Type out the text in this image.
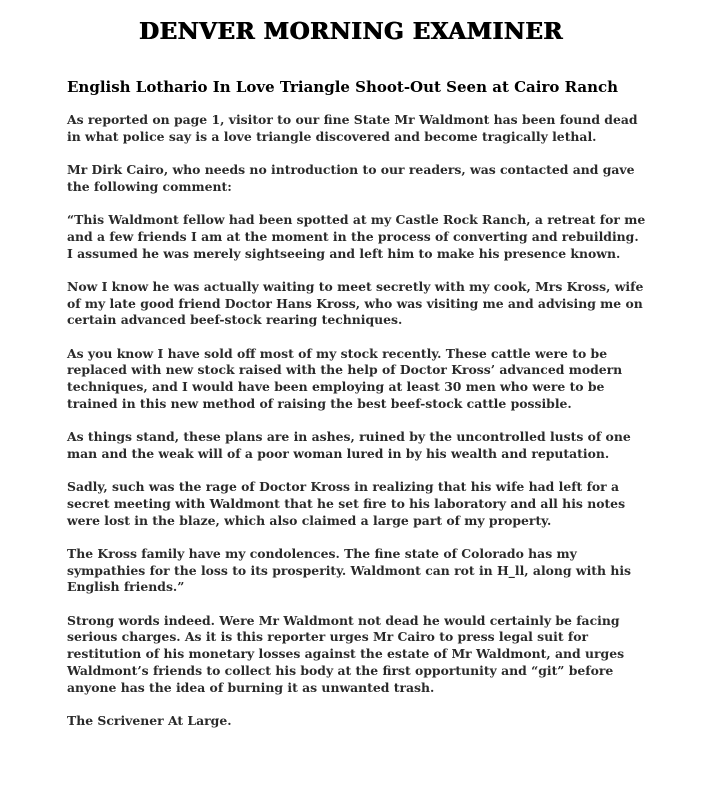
DENVER MORNING EXAMINER
English Lothario In Love Triangle Shoot-Out Seen at Cairo Ranch

As reported on page 1, visitor to our fine State Mr Waldmont has been found dead in what police say is a love triangle discovered and become tragically lethal.

Mr Dirk Cairo, who needs no introduction to our readers, was contacted and gave the following comment:

“This Waldmont fellow had been spotted at my Castle Rock Ranch, a retreat for me and a few friends I am at the moment in the process of converting and rebuilding. I assumed he was merely sightseeing and left him to make his presence known.

Now I know he was actually waiting to meet secretly with my cook, Mrs Kross, wife of my late good friend Doctor Hans Kross, who was visiting me and advising me on certain advanced beef-stock rearing techniques.

As you know I have sold off most of my stock recently. These cattle were to be replaced with new stock raised with the help of Doctor Kross’ advanced modern techniques, and I would have been employing at least 30 men who were to be trained in this new method of raising the best beef-stock cattle possible.

As things stand, these plans are in ashes, ruined by the uncontrolled lusts of one man and the weak will of a poor woman lured in by his wealth and reputation.

Sadly, such was the rage of Doctor Kross in realizing that his wife had left for a secret meeting with Waldmont that he set fire to his laboratory and all his notes were lost in the blaze, which also claimed a large part of my property.

The Kross family have my condolences. The fine state of Colorado has my sympathies for the loss to its prosperity. Waldmont can rot in H_ll, along with his English friends.”

Strong words indeed. Were Mr Waldmont not dead he would certainly be facing serious charges. As it is this reporter urges Mr Cairo to press legal suit for restitution of his monetary losses against the estate of Mr Waldmont, and urges Waldmont’s friends to collect his body at the first opportunity and “git” before anyone has the idea of burning it as unwanted trash.

The Scrivener At Large.
